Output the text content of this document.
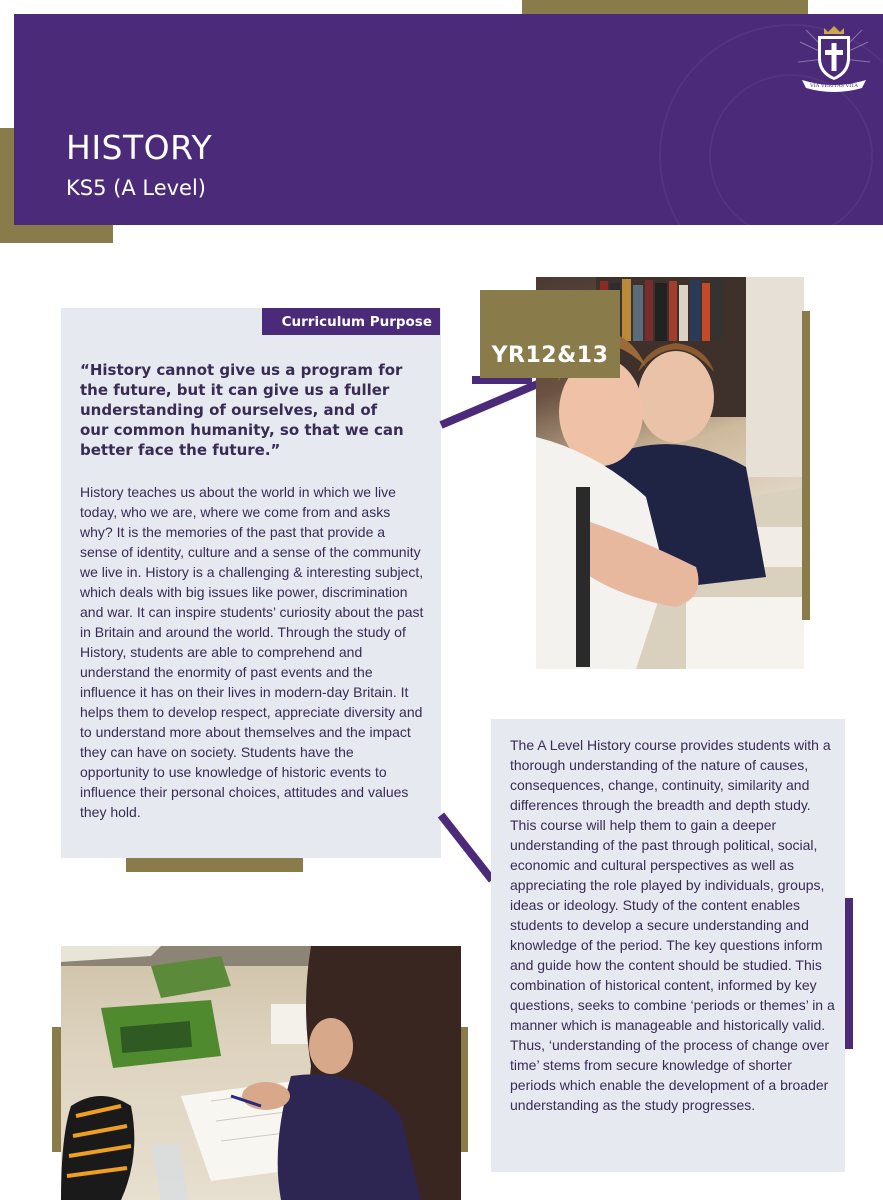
HISTORY
KS5 (A Level)
VIA VERITAS VITA
Curriculum Purpose
“History cannot give us a program for the future, but it can give us a fuller understanding of ourselves, and of our common humanity, so that we can better face the future.”
History teaches us about the world in which we live today, who we are, where we come from and asks why? It is the memories of the past that provide a sense of identity, culture and a sense of the community we live in. History is a challenging & interesting subject, which deals with big issues like power, discrimination and war. It can inspire students’ curiosity about the past in Britain and around the world. Through the study of History, students are able to comprehend and understand the enormity of past events and the influence it has on their lives in modern-day Britain. It helps them to develop respect, appreciate diversity and to understand more about themselves and the impact they can have on society. Students have the opportunity to use knowledge of historic events to influence their personal choices, attitudes and values they hold.
YR12&13
The A Level History course provides students with a thorough understanding of the nature of causes, consequences, change, continuity, similarity and differences through the breadth and depth study. This course will help them to gain a deeper understanding of the past through political, social, economic and cultural perspectives as well as appreciating the role played by individuals, groups, ideas or ideology. Study of the content enables students to develop a secure understanding and knowledge of the period. The key questions inform and guide how the content should be studied. This combination of historical content, informed by key questions, seeks to combine ‘periods or themes’ in a manner which is manageable and historically valid. Thus, ‘understanding of the process of change over time’ stems from secure knowledge of shorter periods which enable the development of a broader understanding as the study progresses.
